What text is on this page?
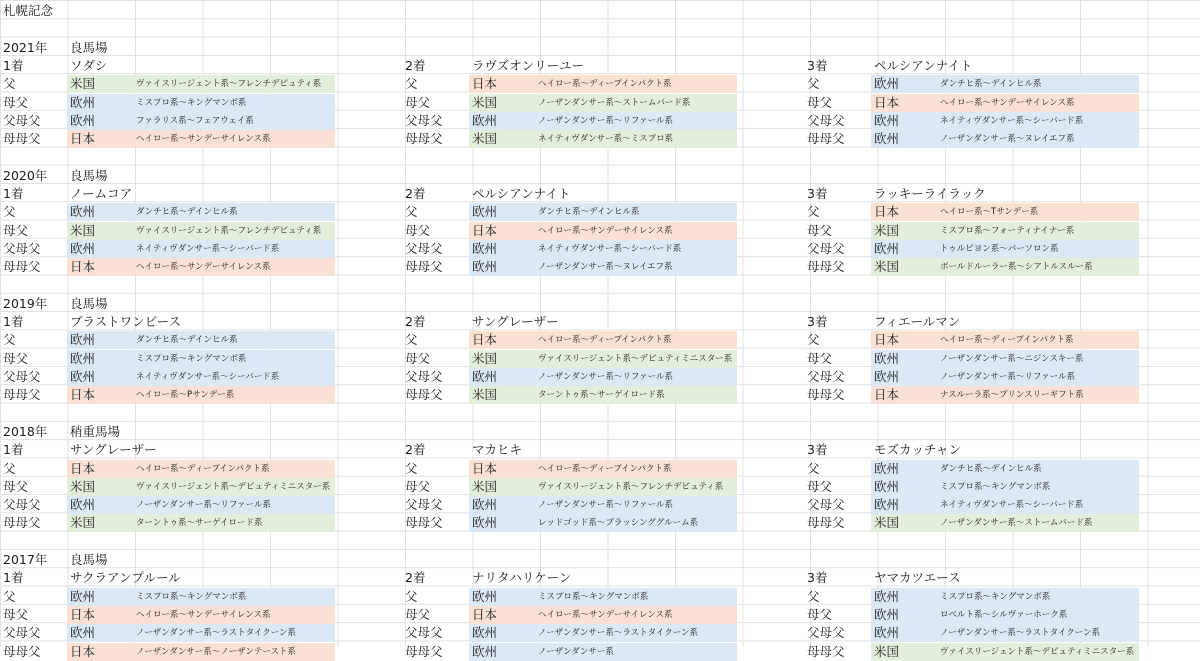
札幌記念
2021年	良馬場
1着	ソダシ
父	米国	ヴァイスリージェント系〜フレンチデピュティ系
母父	欧州	ミスプロ系〜キングマンボ系
父母父	欧州	ファラリス系〜フェアウェイ系
母母父	日本	ヘイロー系〜サンデーサイレンス系
2着	ラヴズオンリーユー
父	日本	ヘイロー系〜ディープインパクト系
母父	米国	ノーザンダンサー系〜ストームバード系
父母父	欧州	ノーザンダンサー系〜リファール系
母母父	米国	ネイティヴダンサー系〜ミスプロ系
3着	ペルシアンナイト
父	欧州	ダンチヒ系〜デインヒル系
母父	日本	ヘイロー系〜サンデーサイレンス系
父母父	欧州	ネイティヴダンサー系〜シーバード系
母母父	欧州	ノーザンダンサー系〜ヌレイエフ系
2020年	良馬場
1着	ノームコア
父	欧州	ダンチヒ系〜デインヒル系
母父	米国	ヴァイスリージェント系〜フレンチデピュティ系
父母父	欧州	ネイティヴダンサー系〜シーバード系
母母父	日本	ヘイロー系〜サンデーサイレンス系
2着	ペルシアンナイト
父	欧州	ダンチヒ系〜デインヒル系
母父	日本	ヘイロー系〜サンデーサイレンス系
父母父	欧州	ネイティヴダンサー系〜シーバード系
母母父	欧州	ノーザンダンサー系〜ヌレイエフ系
3着	ラッキーライラック
父	日本	ヘイロー系〜Tサンデー系
母父	米国	ミスプロ系〜フォーティナイナー系
父母父	欧州	トゥルビヨン系〜パーソロン系
母母父	米国	ボールドルーラー系〜シアトルスルー系
2019年	良馬場
1着	ブラストワンピース
父	欧州	ダンチヒ系〜デインヒル系
母父	欧州	ミスプロ系〜キングマンボ系
父母父	欧州	ネイティヴダンサー系〜シーバード系
母母父	日本	ヘイロー系〜Pサンデー系
2着	サングレーザー
父	日本	ヘイロー系〜ディープインパクト系
母父	米国	ヴァイスリージェント系〜デピュティミニスター系
父母父	欧州	ノーザンダンサー系〜リファール系
母母父	米国	ターントゥ系〜サーゲイロード系
3着	フィエールマン
父	日本	ヘイロー系〜ディープインパクト系
母父	欧州	ノーザンダンサー系〜ニジンスキー系
父母父	欧州	ノーザンダンサー系〜リファール系
母母父	日本	ナスルーラ系〜プリンスリーギフト系
2018年	稍重馬場
1着	サングレーザー
父	日本	ヘイロー系〜ディープインパクト系
母父	米国	ヴァイスリージェント系〜デピュティミニスター系
父母父	欧州	ノーザンダンサー系〜リファール系
母母父	米国	ターントゥ系〜サーゲイロード系
2着	マカヒキ
父	日本	ヘイロー系〜ディープインパクト系
母父	米国	ヴァイスリージェント系〜フレンチデピュティ系
父母父	欧州	ノーザンダンサー系〜リファール系
母母父	欧州	レッドゴッド系〜ブラッシンググルーム系
3着	モズカッチャン
父	欧州	ダンチヒ系〜デインヒル系
母父	欧州	ミスプロ系〜キングマンボ系
父母父	欧州	ネイティヴダンサー系〜シーバード系
母母父	米国	ノーザンダンサー系〜ストームバード系
2017年	良馬場
1着	サクラアンプルール
父	欧州	ミスプロ系〜キングマンボ系
母父	日本	ヘイロー系〜サンデーサイレンス系
父母父	欧州	ノーザンダンサー系〜ラストタイクーン系
母母父	日本	ノーザンダンサー系〜ノーザンテースト系
2着	ナリタハリケーン
父	欧州	ミスプロ系〜キングマンボ系
母父	日本	ヘイロー系〜サンデーサイレンス系
父母父	欧州	ノーザンダンサー系〜ラストタイクーン系
母母父	欧州	ノーザンダンサー系
3着	ヤマカツエース
父	欧州	ミスプロ系〜キングマンボ系
母父	欧州	ロベルト系〜シルヴァーホーク系
父母父	欧州	ノーザンダンサー系〜ラストタイクーン系
母母父	米国	ヴァイスリージェント系〜デピュティミニスター系
